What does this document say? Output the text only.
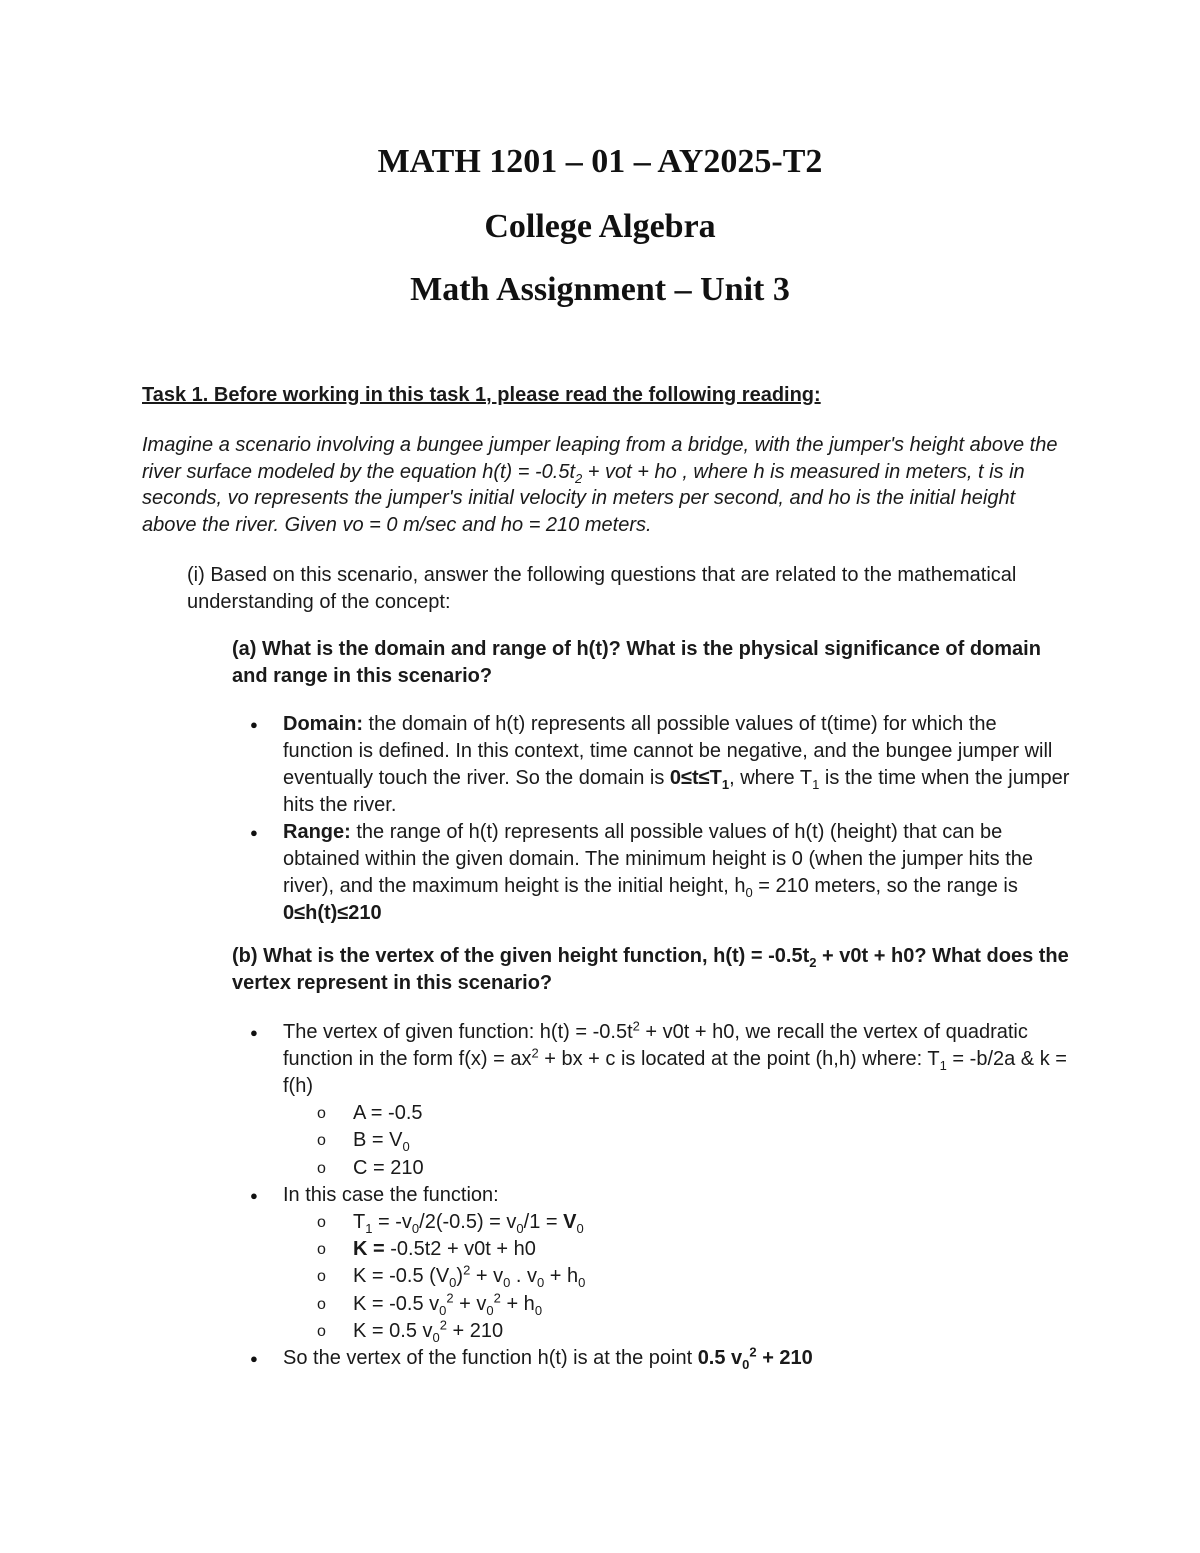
MATH 1201 – 01 – AY2025-T2
College Algebra
Math Assignment – Unit 3
Task 1. Before working in this task 1, please read the following reading:
Imagine a scenario involving a bungee jumper leaping from a bridge, with the jumper's height above the river surface modeled by the equation $h(t) = -0.5t_2$ + vot + ho , where h is measured in meters, t is in seconds, vo represents the jumper's initial velocity in meters per second, and ho is the initial height above the river. Given vo = 0 m/sec and ho = 210 meters.
(i) Based on this scenario, answer the following questions that are related to the mathematical understanding of the concept:
(a) What is the domain and range of h(t)? What is the physical significance of domain and range in this scenario?
● Domain: the domain of h(t) represents all possible values of t(time) for which the function is defined. In this context, time cannot be negative, and the bungee jumper will eventually touch the river. So the domain is $0\le t\le T_1$, where $T_1$ is the time when the jumper hits the river.
● Range: the range of h(t) represents all possible values of h(t) (height) that can be obtained within the given domain. The minimum height is 0 (when the jumper hits the river), and the maximum height is the initial height, $h_0 = 210$ meters, so the range is 0≤h(t)≤210
(b) What is the vertex of the given height function, $h(t) = -0.5t_2 + v0t + h0$? What does the vertex represent in this scenario?
● The vertex of given function: $h(t) = -0.5t^2 + v0t + h0$, we recall the vertex of quadratic function in the form $f(x) = ax^2$ + bx + c is located at the point (h,h) where: $T_1 = -b/2a$ & k = f(h)
o A = -0.5
o $B = V_0$
o C = 210
● In this case the function:
o $T_1 = -v_0/2(-0.5) = v_0/1 = V_0$
o K = -0.5t2 + v0t + h0
o K = -0.5 $(V_0)^2 + v_0$ . $v_0 + h_0$
o K = -0.5 $v_0^2 + v_0^2 + h_0$
o K = 0.5 $v_0^2 + 210$
● So the vertex of the function h(t) is at the point 0.5 $v_0^2 + 210$
